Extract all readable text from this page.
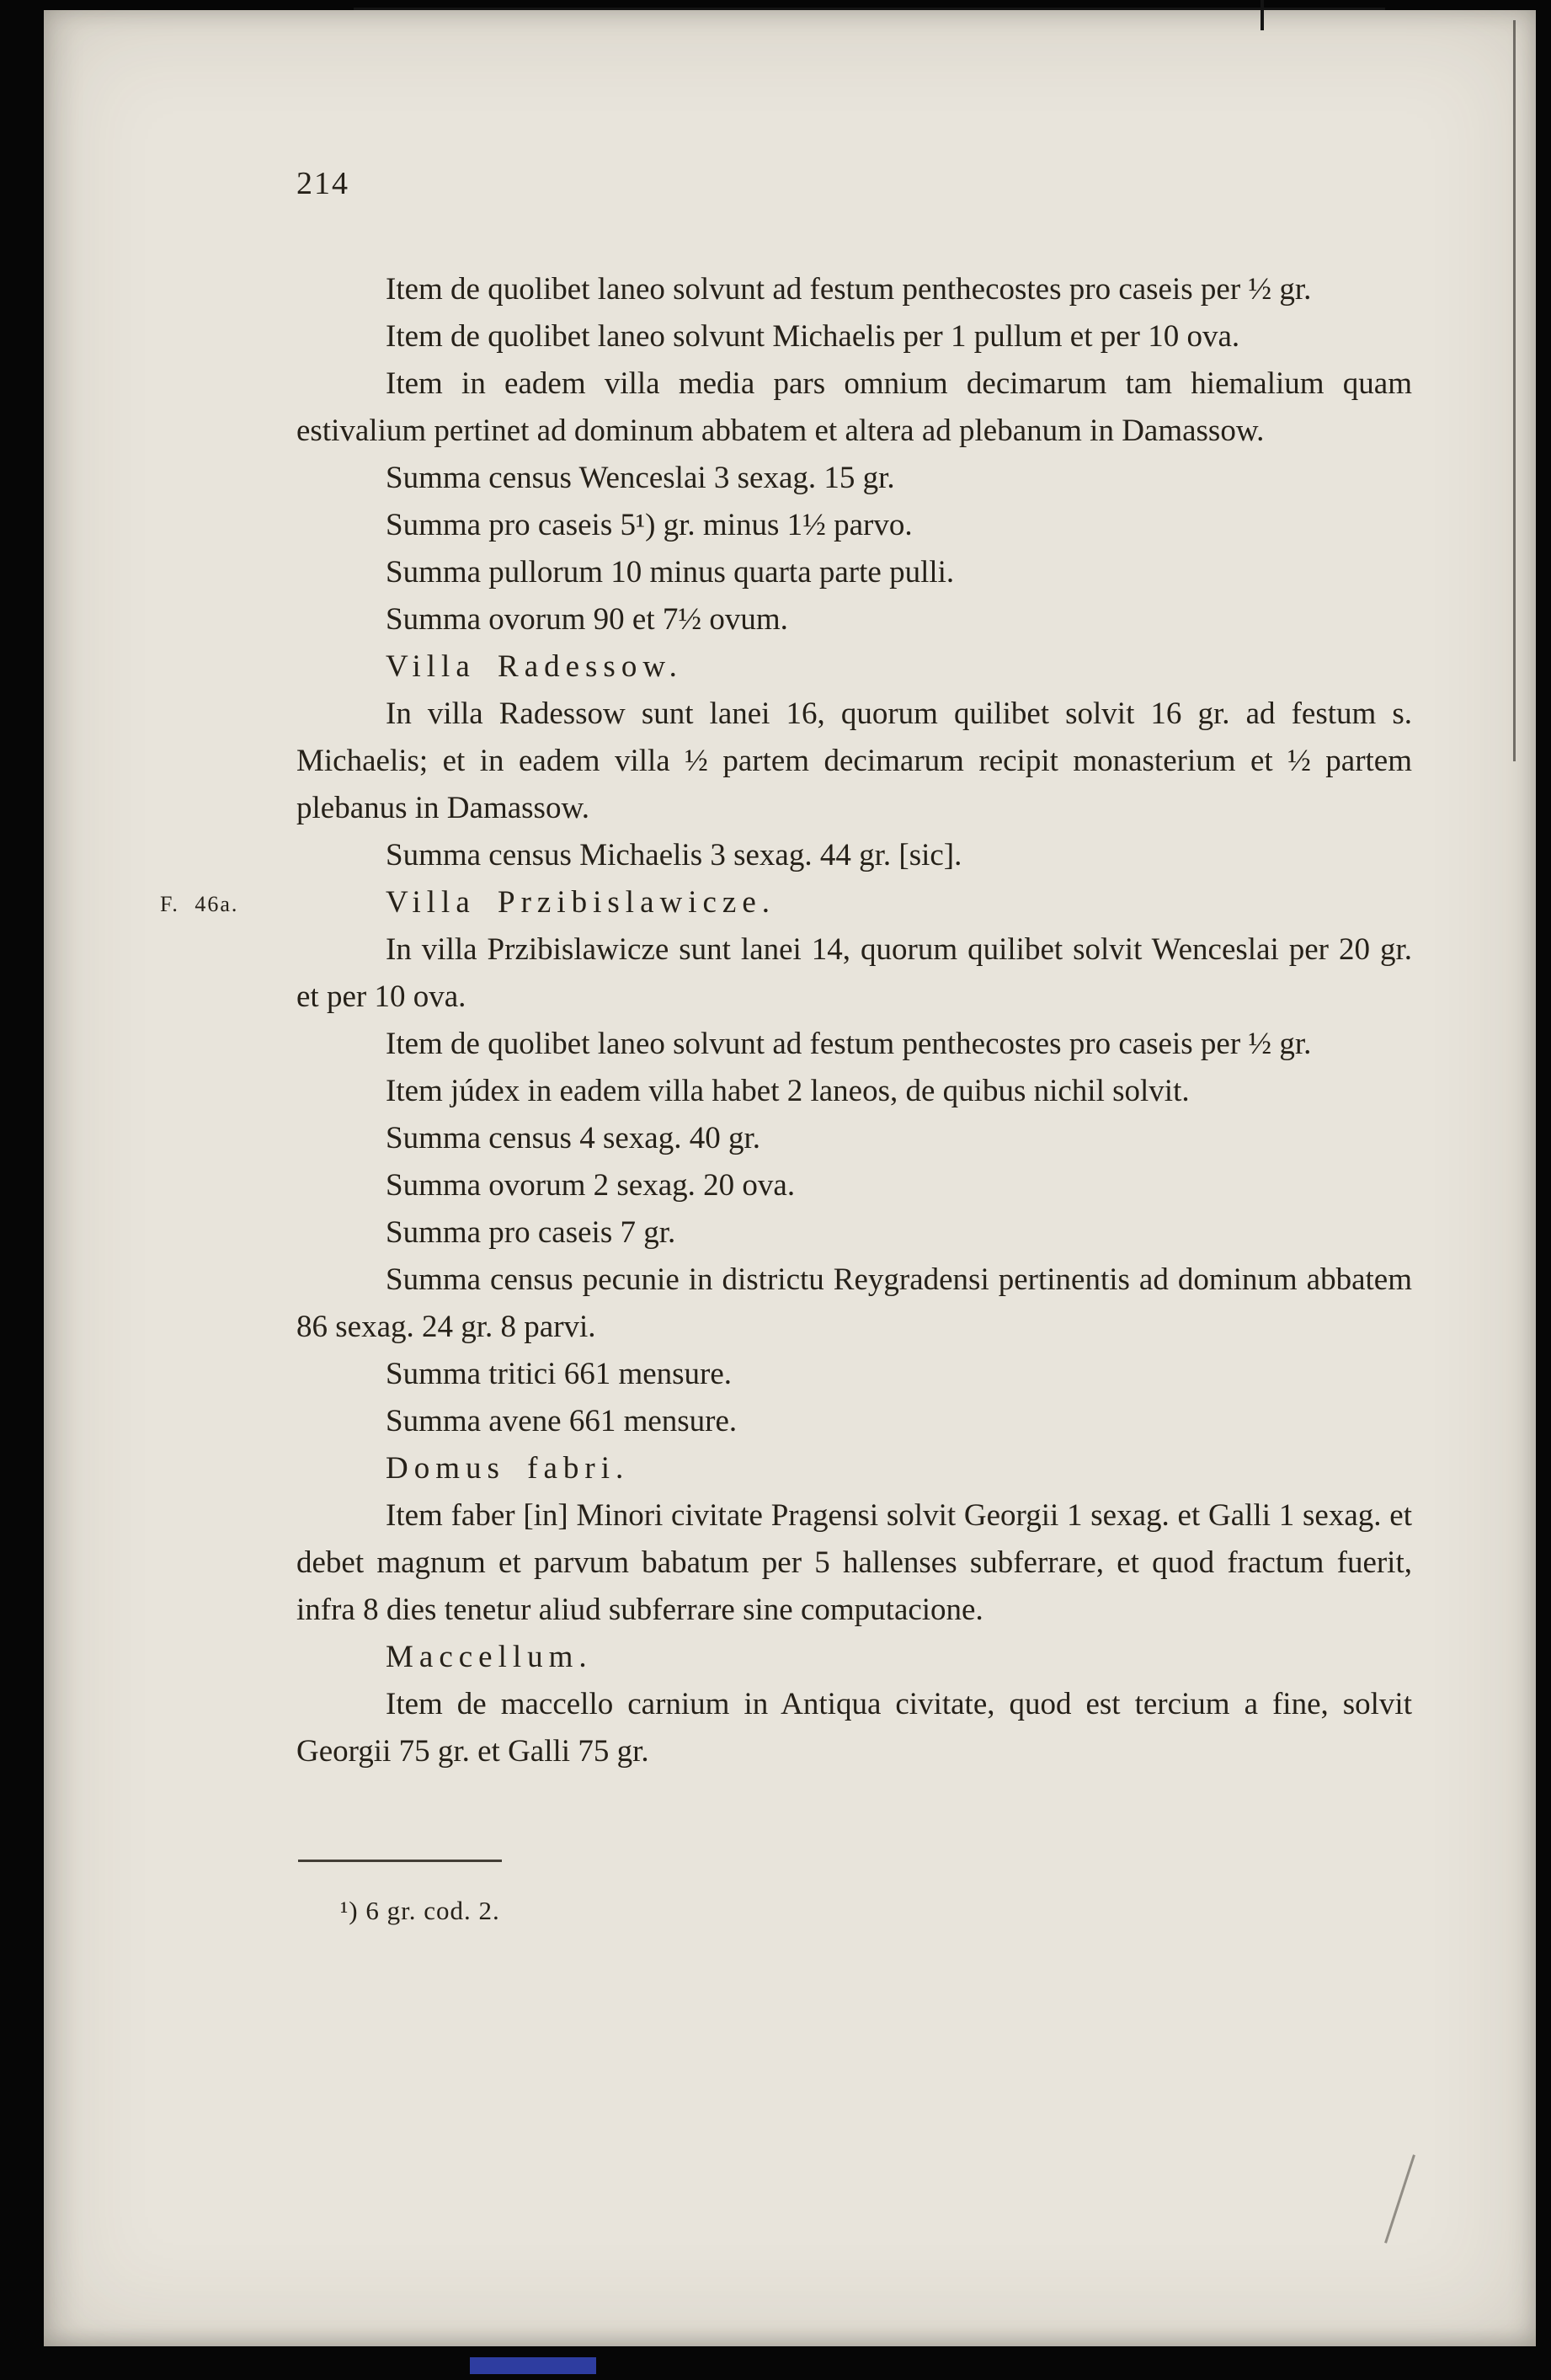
214

Item de quolibet laneo solvunt ad festum penthecostes pro caseis per ½ gr.

Item de quolibet laneo solvunt Michaelis per 1 pullum et per 10 ova.

Item in eadem villa media pars omnium decimarum tam hiemalium quam estivalium pertinet ad dominum abbatem et altera ad plebanum in Damassow.

Summa census Wenceslai 3 sexag. 15 gr.

Summa pro caseis 5¹) gr. minus 1½ parvo.

Summa pullorum 10 minus quarta parte pulli.

Summa ovorum 90 et 7½ ovum.

Villa Radessow.

In villa Radessow sunt lanei 16, quorum quilibet solvit 16 gr. ad festum s. Michaelis; et in eadem villa ½ partem decimarum recipit monasterium et ½ partem plebanus in Damassow.

Summa census Michaelis 3 sexag. 44 gr. [sic].

Villa Przibislawicze.
F. 46a.

In villa Przibislawicze sunt lanei 14, quorum quilibet solvit Wenceslai per 20 gr. et per 10 ova.

Item de quolibet laneo solvunt ad festum penthecostes pro caseis per ½ gr.

Item júdex in eadem villa habet 2 laneos, de quibus nichil solvit.

Summa census 4 sexag. 40 gr.

Summa ovorum 2 sexag. 20 ova.

Summa pro caseis 7 gr.

Summa census pecunie in districtu Reygradensi pertinentis ad dominum abbatem 86 sexag. 24 gr. 8 parvi.

Summa tritici 661 mensure.

Summa avene 661 mensure.

Domus fabri.

Item faber [in] Minori civitate Pragensi solvit Georgii 1 sexag. et Galli 1 sexag. et debet magnum et parvum babatum per 5 hallenses subferrare, et quod fractum fuerit, infra 8 dies tenetur aliud subferrare sine computacione.

Maccellum.

Item de maccello carnium in Antiqua civitate, quod est tercium a fine, solvit Georgii 75 gr. et Galli 75 gr.

¹) 6 gr. cod. 2.
